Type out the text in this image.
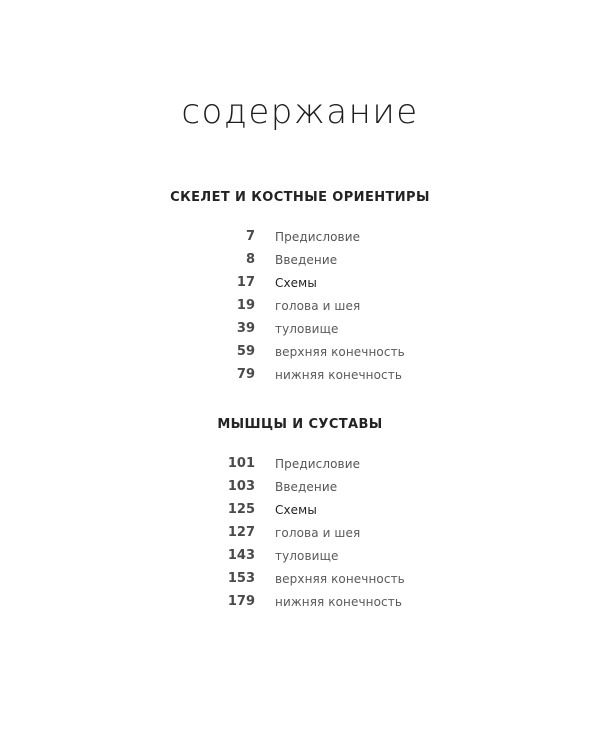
содержание
СКЕЛЕТ И КОСТНЫЕ ОРИЕНТИРЫ
7 Предисловие
8 Введение
17 Схемы
19 голова и шея
39 туловище
59 верхняя конечность
79 нижняя конечность
МЫШЦЫ И СУСТАВЫ
101 Предисловие
103 Введение
125 Схемы
127 голова и шея
143 туловище
153 верхняя конечность
179 нижняя конечность
